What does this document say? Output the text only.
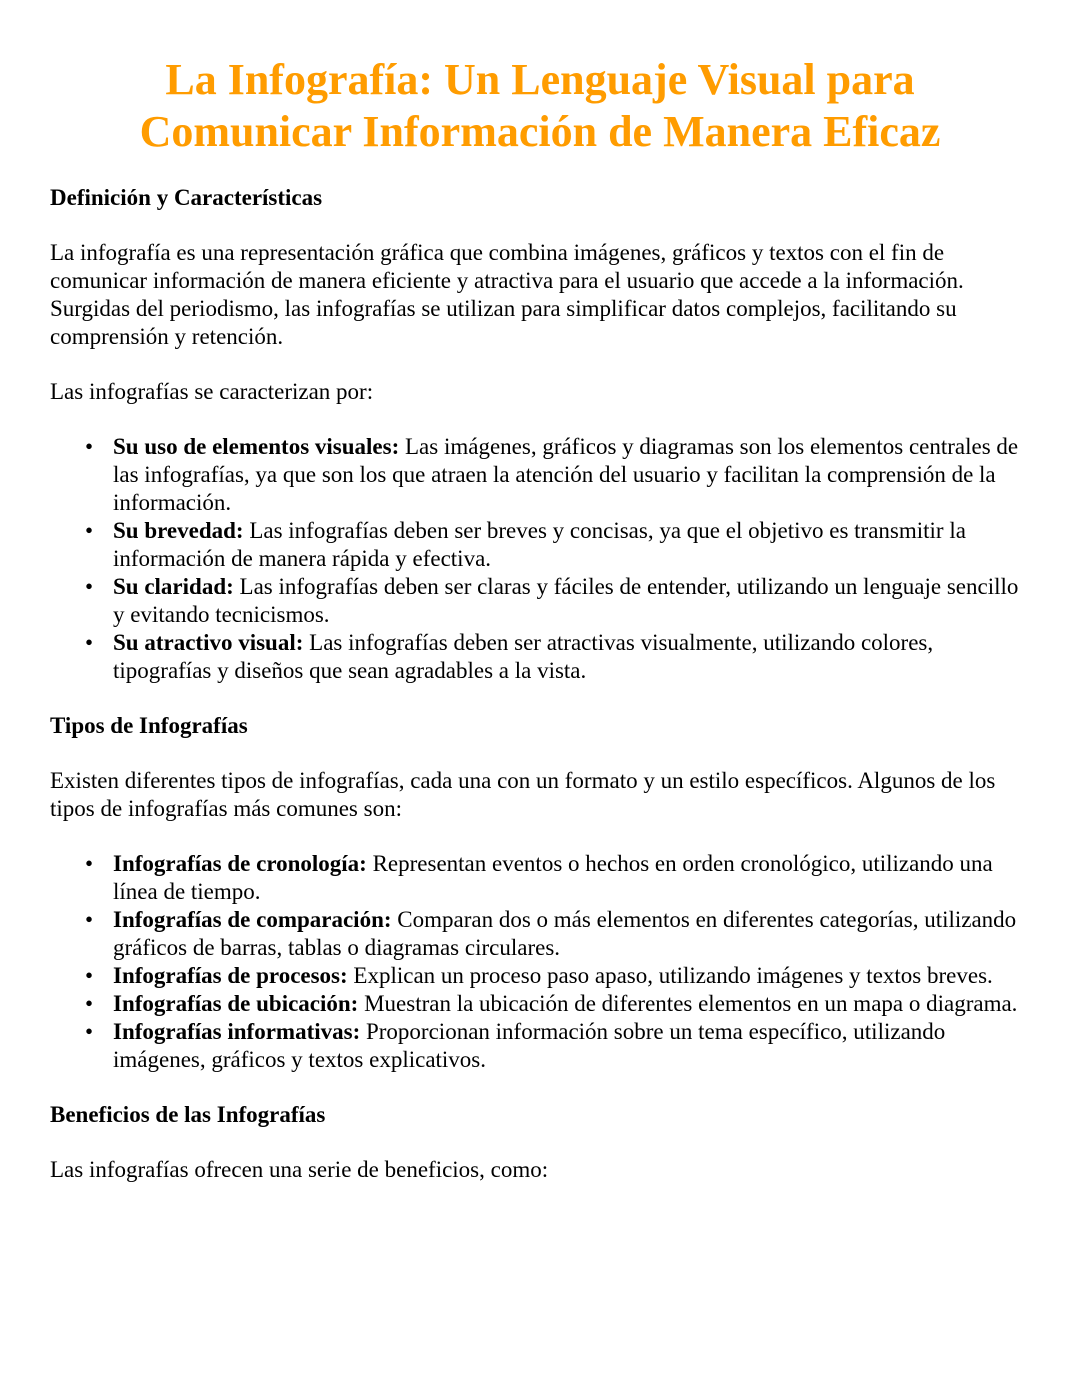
La Infografía: Un Lenguaje Visual para
Comunicar Información de Manera Eficaz
Definición y Características

La infografía es una representación gráfica que combina imágenes, gráficos y textos con el fin de comunicar información de manera eficiente y atractiva para el usuario que accede a la información. Surgidas del periodismo, las infografías se utilizan para simplificar datos complejos, facilitando su comprensión y retención.

Las infografías se caracterizan por:

• Su uso de elementos visuales: Las imágenes, gráficos y diagramas son los elementos centrales de las infografías, ya que son los que atraen la atención del usuario y facilitan la comprensión de la información.
• Su brevedad: Las infografías deben ser breves y concisas, ya que el objetivo es transmitir la información de manera rápida y efectiva.
• Su claridad: Las infografías deben ser claras y fáciles de entender, utilizando un lenguaje sencillo y evitando tecnicismos.
• Su atractivo visual: Las infografías deben ser atractivas visualmente, utilizando colores, tipografías y diseños que sean agradables a la vista.
Tipos de Infografías

Existen diferentes tipos de infografías, cada una con un formato y un estilo específicos. Algunos de los tipos de infografías más comunes son:

• Infografías de cronología: Representan eventos o hechos en orden cronológico, utilizando una línea de tiempo.
• Infografías de comparación: Comparan dos o más elementos en diferentes categorías, utilizando gráficos de barras, tablas o diagramas circulares.
• Infografías de procesos: Explican un proceso paso apaso, utilizando imágenes y textos breves.
• Infografías de ubicación: Muestran la ubicación de diferentes elementos en un mapa o diagrama.
• Infografías informativas: Proporcionan información sobre un tema específico, utilizando imágenes, gráficos y textos explicativos.
Beneficios de las Infografías

Las infografías ofrecen una serie de beneficios, como:
